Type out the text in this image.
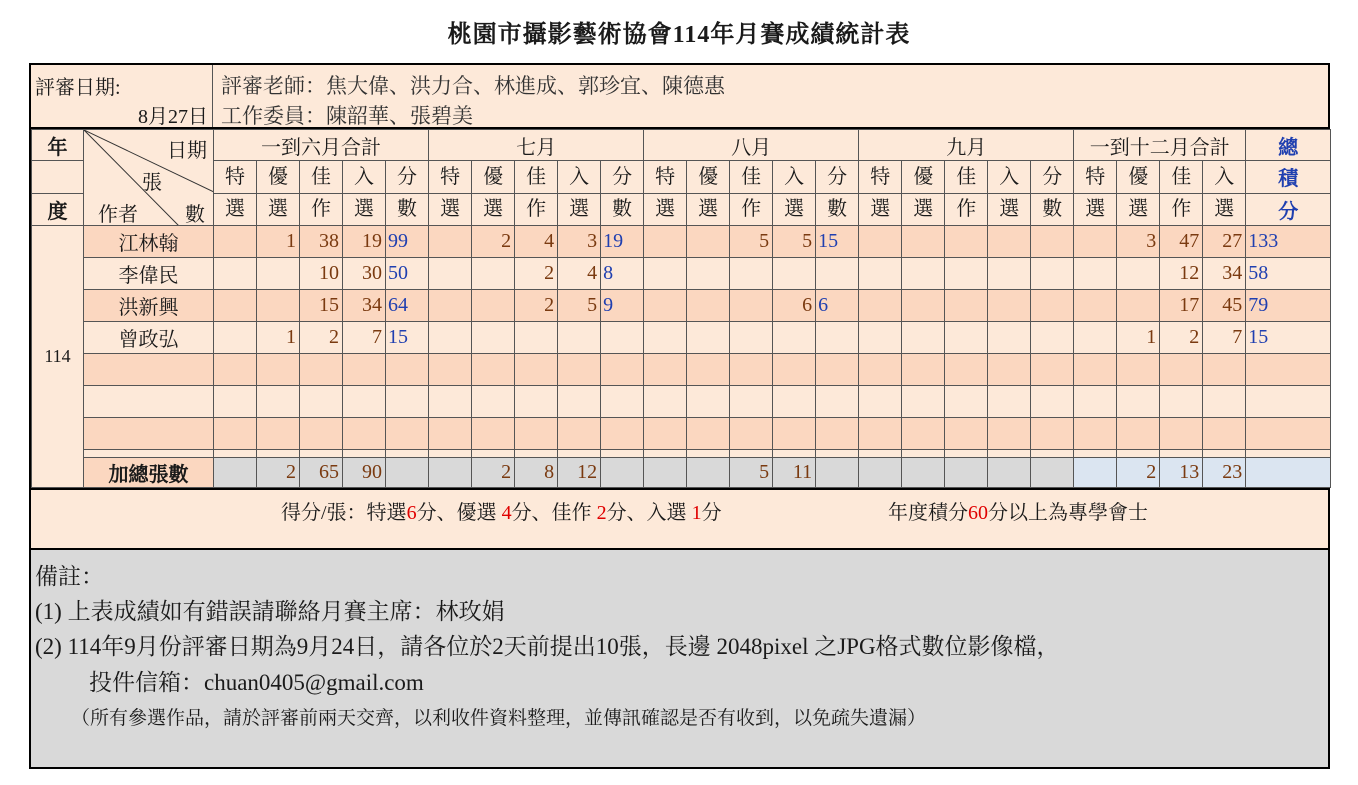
桃園市攝影藝術協會114年月賽成績統計表
評審日期:
8月27日
評審老師：焦大偉、洪力合、林進成、郭珍宜、陳德惠
工作委員：陳韶華、張碧美
年	日期
張
作者 數	一到六月合計					七月					八月					九月					一到十二月合計				總
		特	優	佳	入	分	特	優	佳	入	分	特	優	佳	入	分	特	優	佳	入	分	特	優	佳	入	積
度		選	選	作	選	數	選	選	作	選	數	選	選	作	選	數	選	選	作	選	數	選	選	作	選	分
114	江林翰		1	38	19	99		2	4	3	19			5	5	15							3	47	27	133
	李偉民			10	30	50			2	4	8													12	34	58
	洪新興			15	34	64			2	5	9				6	6								17	45	79
	曾政弘		1	2	7	15																	1	2	7	15

	加總張數		2	65	90			2	8	12				5	11								2	13	23	
得分/張：特選6分、優選 4分、佳作 2分、入選 1分	年度積分60分以上為專學會士
備註：
(1) 上表成績如有錯誤請聯絡月賽主席：林玫娟
(2) 114年9月份評審日期為9月24日，請各位於2天前提出10張，長邊 2048pixel 之JPG格式數位影像檔，
投件信箱：chuan0405@gmail.com
（所有參選作品，請於評審前兩天交齊，以利收件資料整理，並傳訊確認是否有收到，以免疏失遺漏）
